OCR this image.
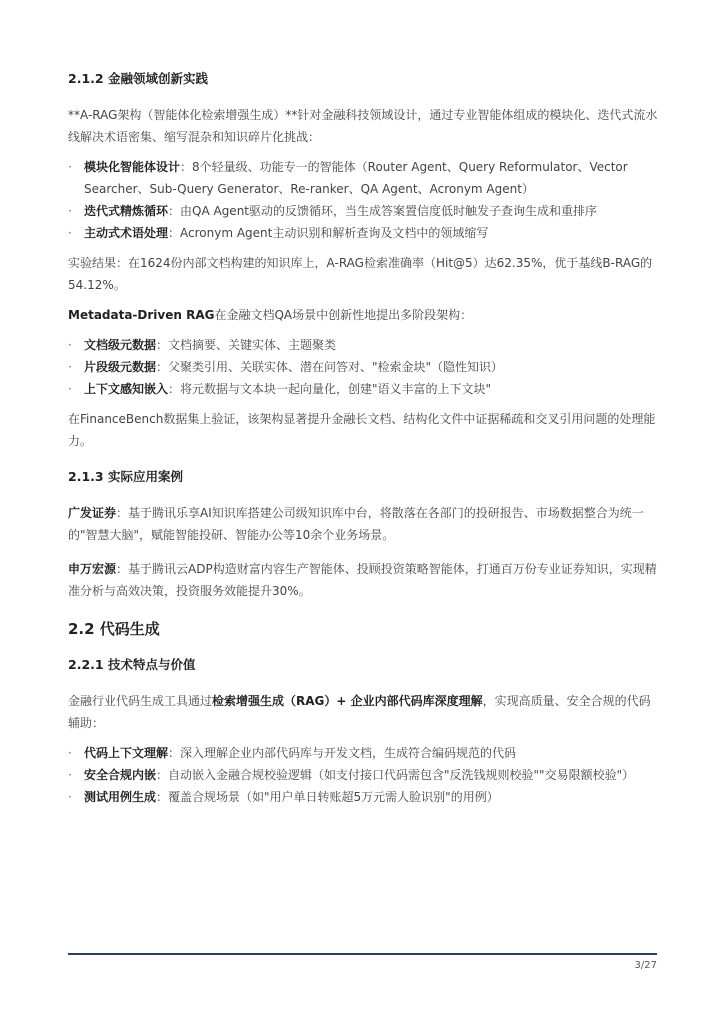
2.1.2 金融领域创新实践

**A-RAG架构（智能体化检索增强生成）**针对金融科技领域设计，通过专业智能体组成的模块化、迭代式流水线解决术语密集、缩写混杂和知识碎片化挑战：

· 模块化智能体设计：8个轻量级、功能专一的智能体（Router Agent、Query Reformulator、Vector Searcher、Sub-Query Generator、Re-ranker、QA Agent、Acronym Agent）
· 迭代式精炼循环：由QA Agent驱动的反馈循环，当生成答案置信度低时触发子查询生成和重排序
· 主动式术语处理：Acronym Agent主动识别和解析查询及文档中的领域缩写

实验结果：在1624份内部文档构建的知识库上，A-RAG检索准确率（Hit@5）达62.35%，优于基线B-RAG的54.12%。

Metadata-Driven RAG在金融文档QA场景中创新性地提出多阶段架构：

· 文档级元数据：文档摘要、关键实体、主题聚类
· 片段级元数据：父聚类引用、关联实体、潜在问答对、"检索金块"（隐性知识）
· 上下文感知嵌入：将元数据与文本块一起向量化，创建"语义丰富的上下文块"

在FinanceBench数据集上验证，该架构显著提升金融长文档、结构化文件中证据稀疏和交叉引用问题的处理能力。

2.1.3 实际应用案例

广发证券：基于腾讯乐享AI知识库搭建公司级知识库中台，将散落在各部门的投研报告、市场数据整合为统一的"智慧大脑"，赋能智能投研、智能办公等10余个业务场景。

申万宏源：基于腾讯云ADP构造财富内容生产智能体、投顾投资策略智能体，打通百万份专业证券知识，实现精准分析与高效决策，投资服务效能提升30%。

2.2 代码生成
2.2.1 技术特点与价值

金融行业代码生成工具通过检索增强生成（RAG）+ 企业内部代码库深度理解，实现高质量、安全合规的代码辅助：

· 代码上下文理解：深入理解企业内部代码库与开发文档，生成符合编码规范的代码
· 安全合规内嵌：自动嵌入金融合规校验逻辑（如支付接口代码需包含"反洗钱规则校验""交易限额校验"）
· 测试用例生成：覆盖合规场景（如"用户单日转账超5万元需人脸识别"的用例）
3/27
